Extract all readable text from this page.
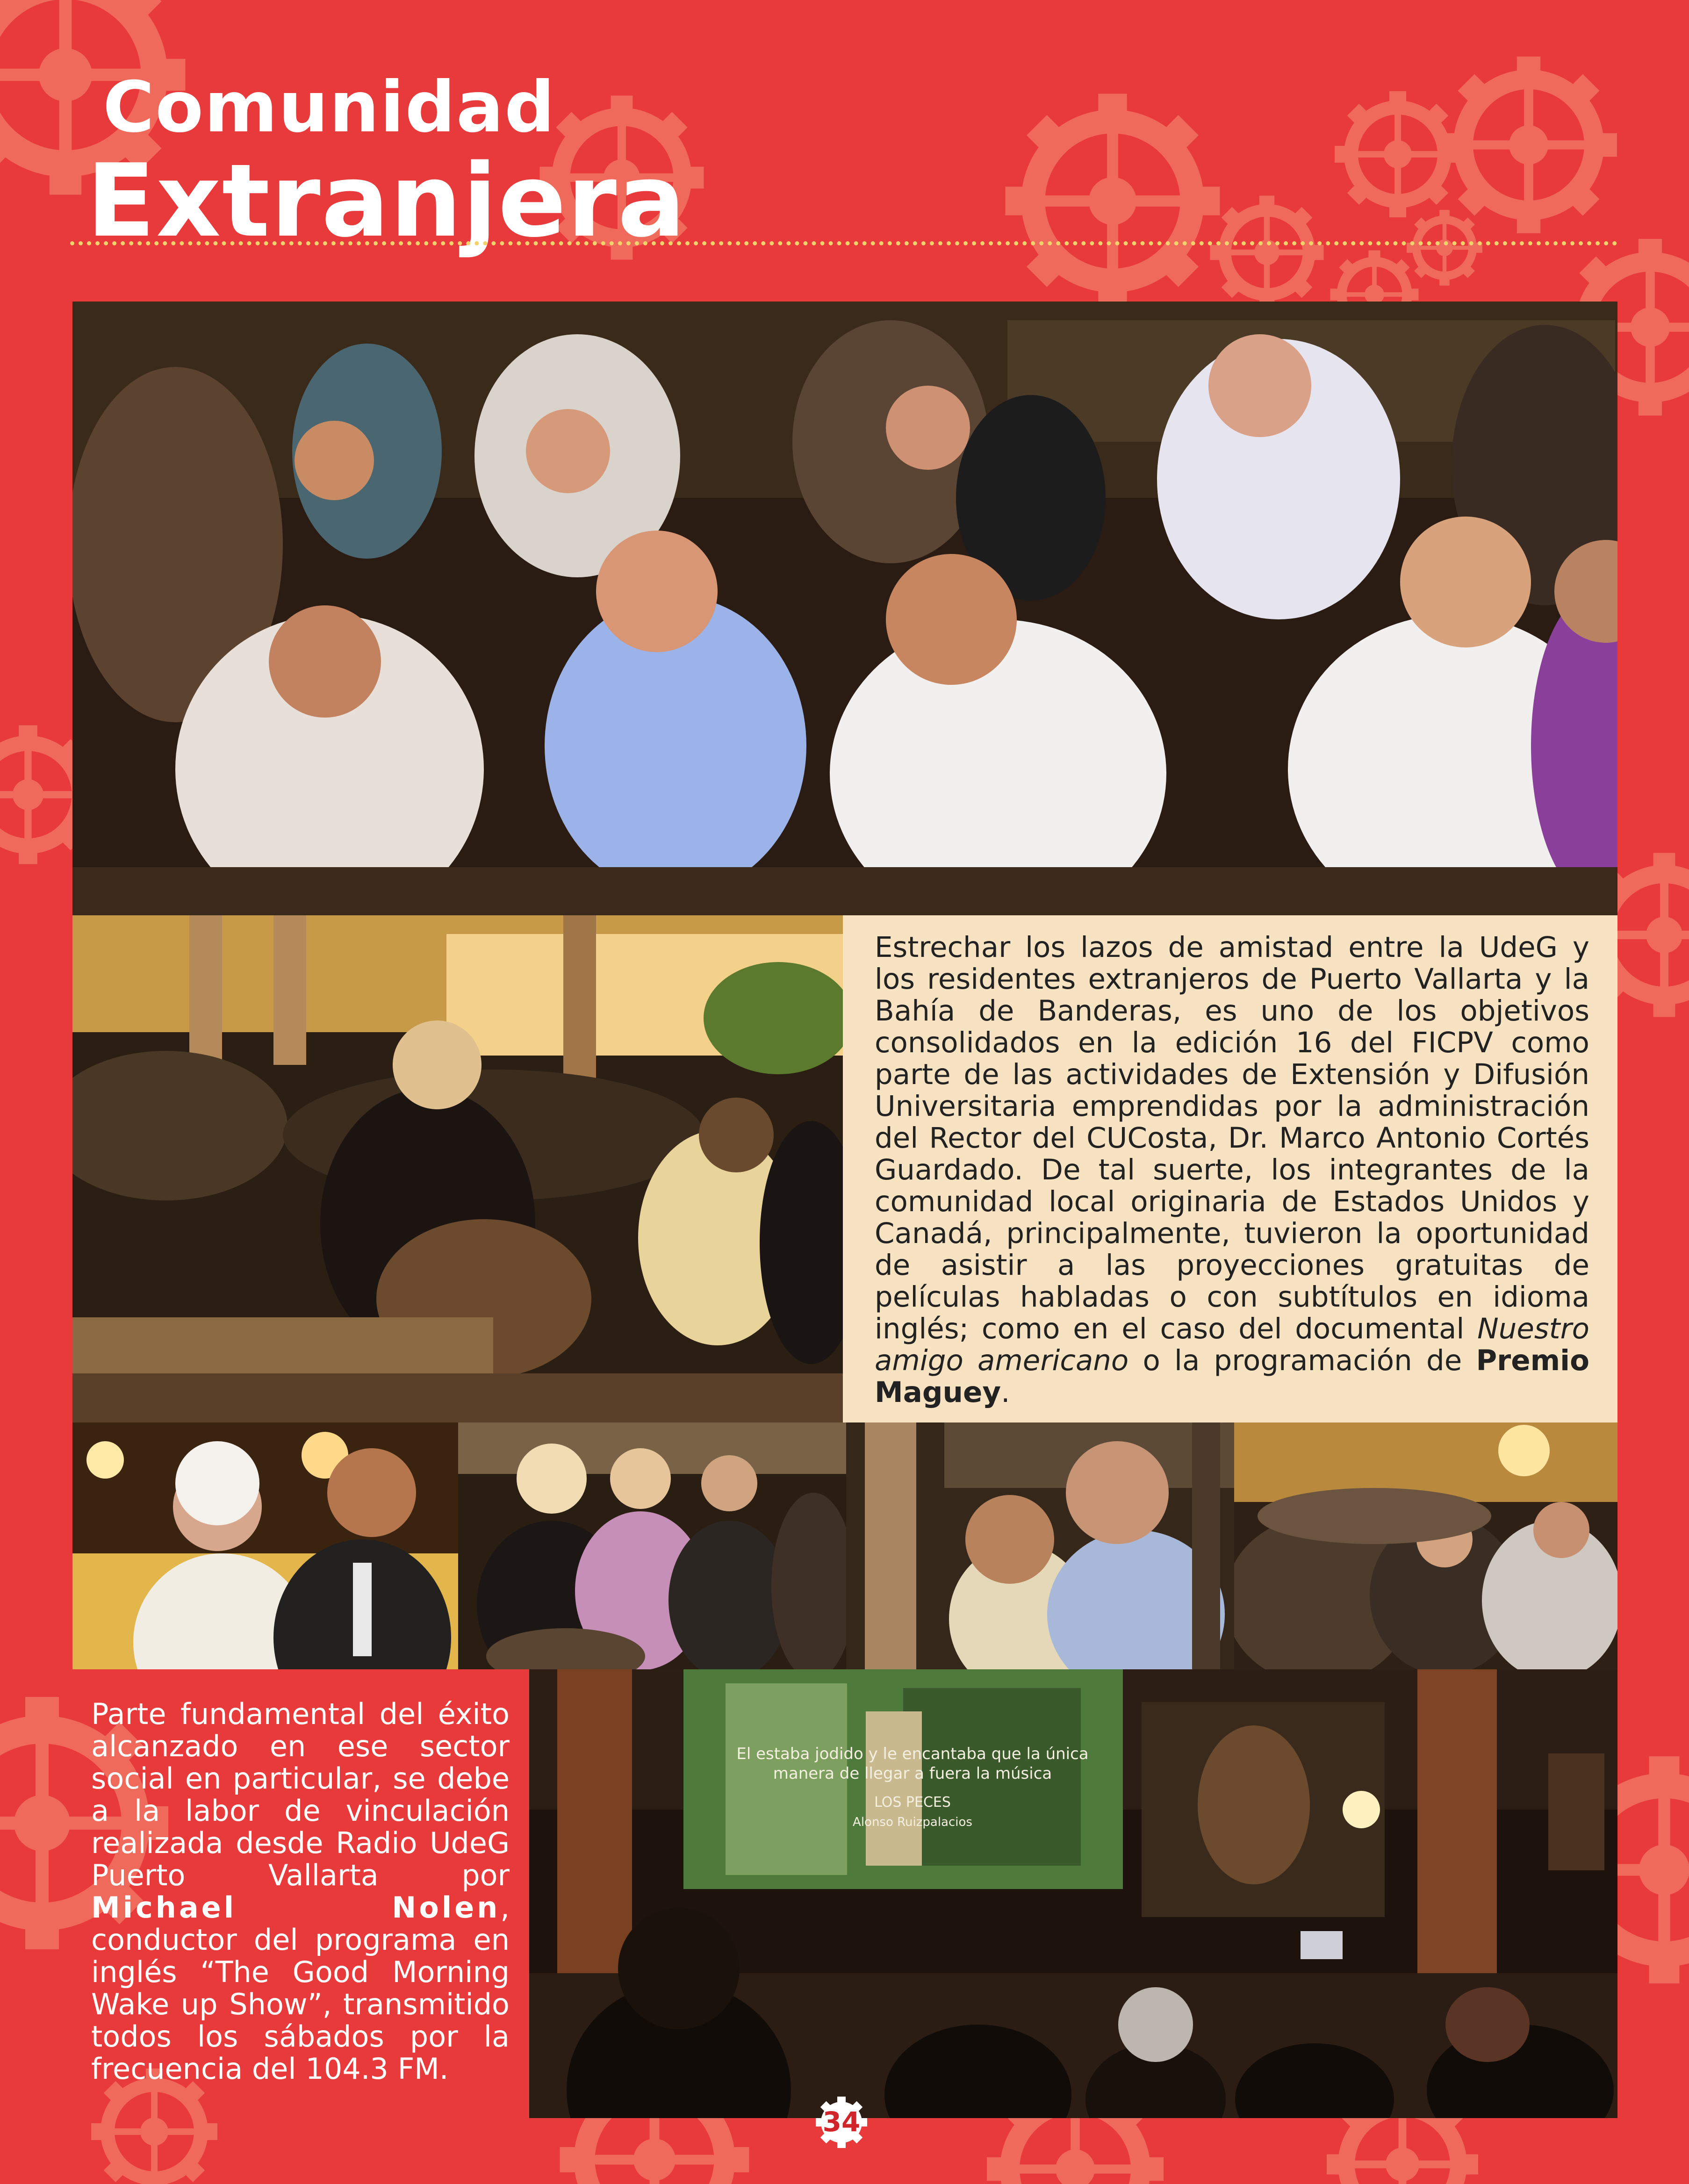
Comunidad
Extranjera

Estrechar los lazos de amistad entre la UdeG y los residentes extranjeros de Puerto Vallarta y la Bahía de Banderas, es uno de los objetivos consolidados en la edición 16 del FICPV como parte de las actividades de Extensión y Difusión Universitaria emprendidas por la administración del Rector del CUCosta, Dr. Marco Antonio Cortés Guardado. De tal suerte, los integrantes de la comunidad local originaria de Estados Unidos y Canadá, principalmente, tuvieron la oportunidad de asistir a las proyecciones gratuitas de películas habladas o con subtítulos en idioma inglés; como en el caso del documental Nuestro amigo americano o la programación de Premio Maguey.

El estaba jodido y le encantaba que la única
manera de llegar a fuera la música
LOS PECES
Alonso Ruizpalacios

Parte fundamental del éxito alcanzado en ese sector social en particular, se debe a la labor de vinculación realizada desde Radio UdeG Puerto Vallarta por Michael Nolen, conductor del programa en inglés “The Good Morning Wake up Show”, transmitido todos los sábados por la frecuencia del 104.3 FM.

34
